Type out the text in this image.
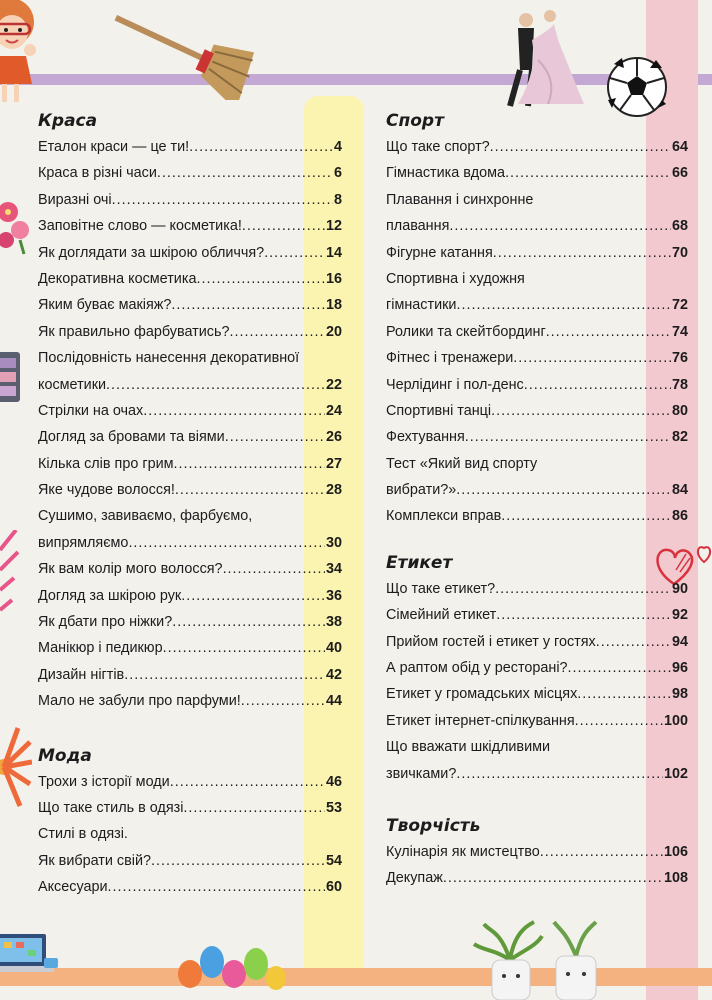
Краса
Еталон краси — це ти! .....	4
Краса в різні часи .....	6
Виразні очі .....	8
Заповітне слово — косметика! .....	12
Як доглядати за шкірою обличчя? .....	14
Декоративна косметика .....	16
Яким буває макіяж? .....	18
Як правильно фарбуватись? .....	20
Послідовність нанесення декоративної
косметики .....	22
Стрілки на очах .....	24
Догляд за бровами та віями .....	26
Кілька слів про грим .....	27
Яке чудове волосся! .....	28
Сушимо, завиваємо, фарбуємо,
випрямляємо .....	30
Як вам колір мого волосся? .....	34
Догляд за шкірою рук .....	36
Як дбати про ніжки? .....	38
Манікюр і педикюр .....	40
Дизайн нігтів .....	42
Мало не забули про парфуми! .....	44
Мода
Трохи з історії моди .....	46
Що таке стиль в одязі .....	53
Стилі в одязі.
Як вибрати свій? .....	54
Аксесуари .....	60
Спорт
Що таке спорт? .....	64
Гімнастика вдома .....	66
Плавання і синхронне
плавання .....	68
Фігурне катання .....	70
Спортивна і художня
гімнастики .....	72
Ролики та скейтбординг .....	74
Фітнес і тренажери .....	76
Черлідинг і пол-денс .....	78
Спортивні танці .....	80
Фехтування .....	82
Тест «Який вид спорту
вибрати?» .....	84
Комплекси вправ .....	86
Етикет
Що таке етикет? .....	90
Сімейний етикет .....	92
Прийом гостей і етикет у гостях .....	94
А раптом обід у ресторані? .....	96
Етикет у громадських місцях .....	98
Етикет інтернет-спілкування .....	100
Що вважати шкідливими
звичками? .....	102
Творчість
Кулінарія як мистецтво .....	106
Декупаж .....	108
